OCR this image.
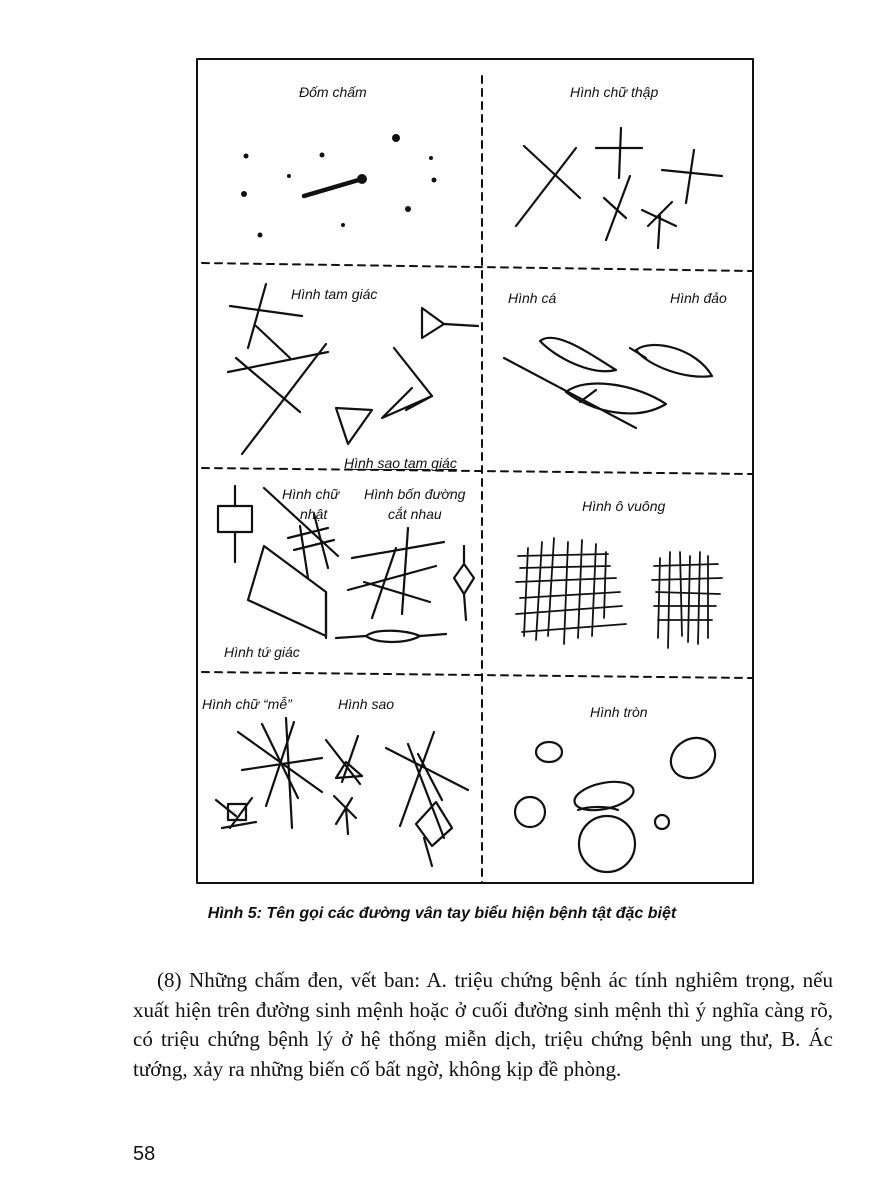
Đốm chấm	Hình chữ thập
Hình tam giác	Hình cá	Hình đảo
Hình sao tam giác
Hình chữ
nhật
Hình bốn đường
cắt nhau	Hình ô vuông
Hình tứ giác
Hình chữ “mễ”	Hình sao	Hình tròn
Hình 5: Tên gọi các đường vân tay biểu hiện bệnh tật đặc biệt
(8) Những chấm đen, vết ban: A. triệu chứng bệnh ác tính nghiêm trọng, nếu xuất hiện trên đường sinh mệnh hoặc ở cuối đường sinh mệnh thì ý nghĩa càng rõ, có triệu chứng bệnh lý ở hệ thống miễn dịch, triệu chứng bệnh ung thư, B. Ác tướng, xảy ra những biến cố bất ngờ, không kịp đề phòng.
58
